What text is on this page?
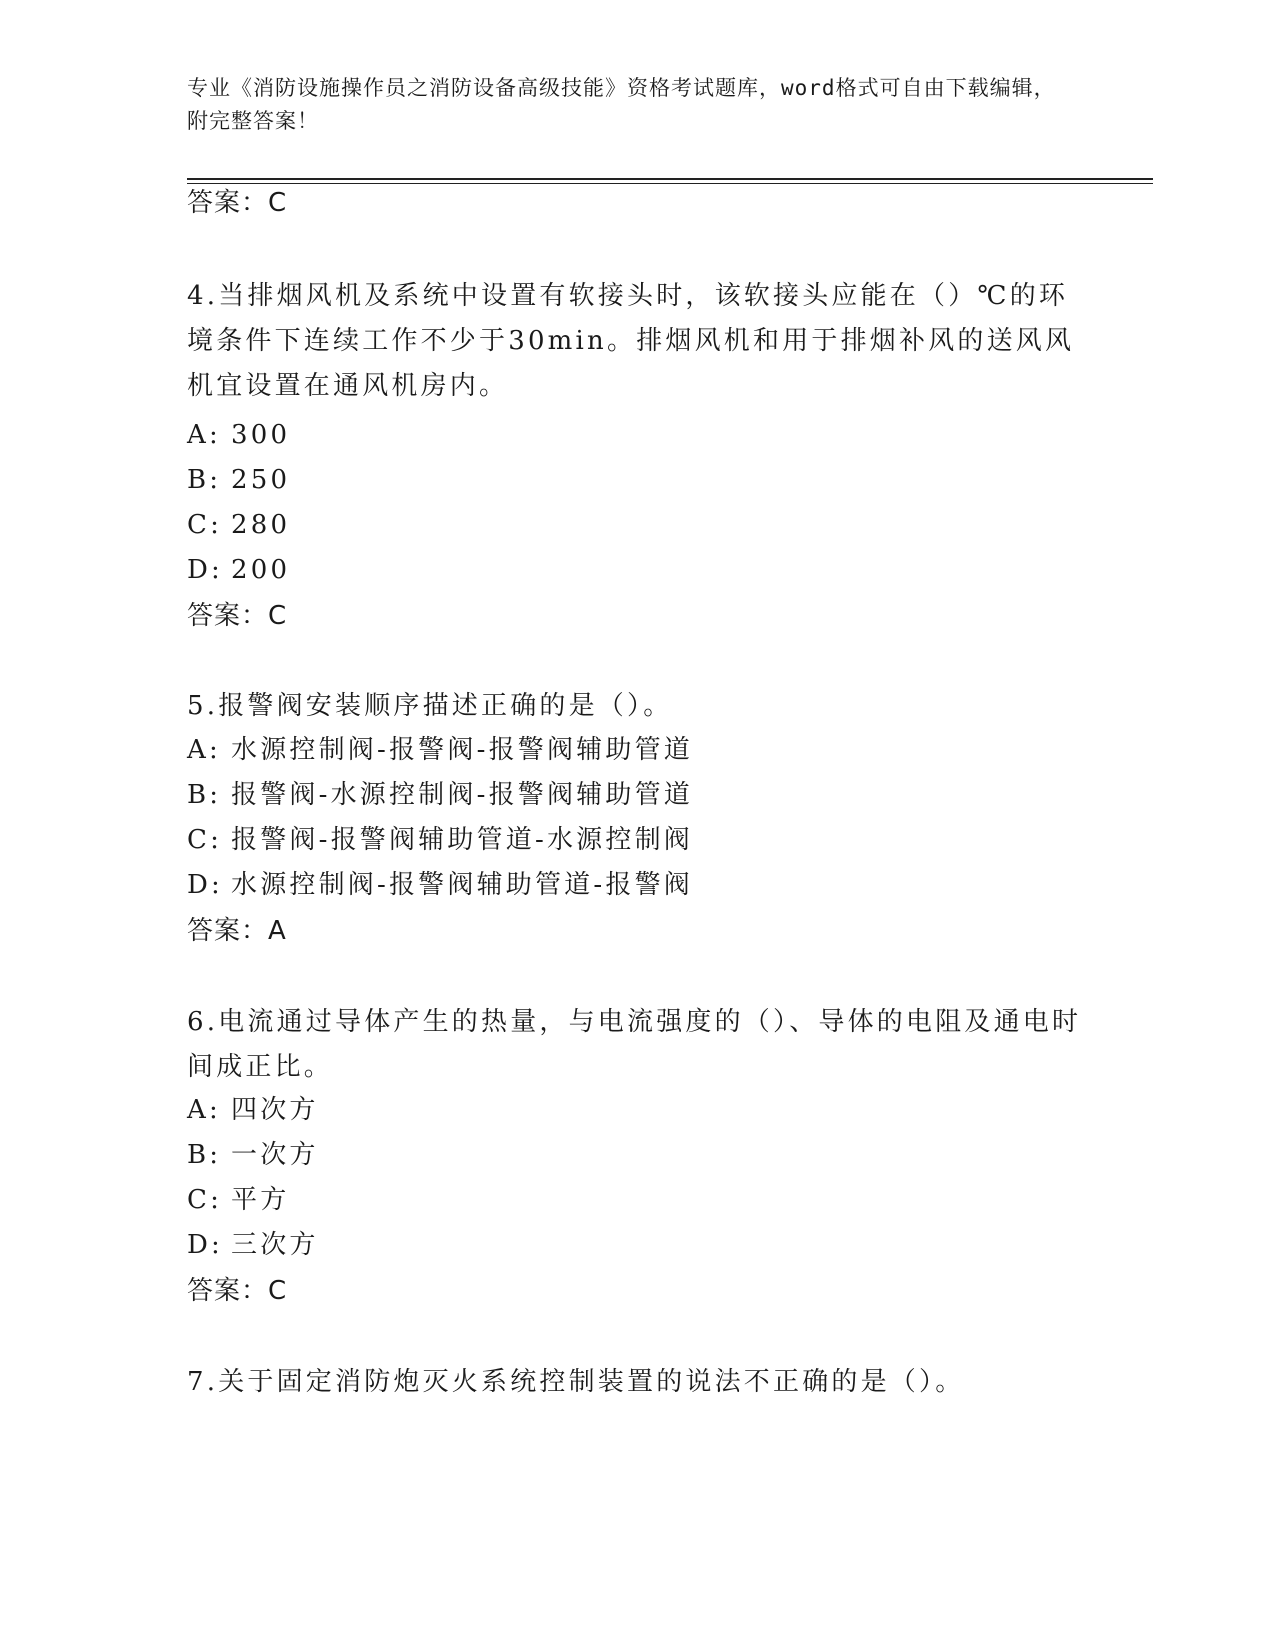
专业《消防设施操作员之消防设备高级技能》资格考试题库，word格式可自由下载编辑，附完整答案！
答案：C
4.当排烟风机及系统中设置有软接头时，该软接头应能在（）℃的环境条件下连续工作不少于30min。排烟风机和用于排烟补风的送风风机宜设置在通风机房内。
A: 300
B: 250
C: 280
D: 200
答案：C
5.报警阀安装顺序描述正确的是（）。
A: 水源控制阀-报警阀-报警阀辅助管道
B: 报警阀-水源控制阀-报警阀辅助管道
C: 报警阀-报警阀辅助管道-水源控制阀
D: 水源控制阀-报警阀辅助管道-报警阀
答案：A
6.电流通过导体产生的热量，与电流强度的（）、导体的电阻及通电时间成正比。
A: 四次方
B: 一次方
C: 平方
D: 三次方
答案：C
7.关于固定消防炮灭火系统控制装置的说法不正确的是（）。
